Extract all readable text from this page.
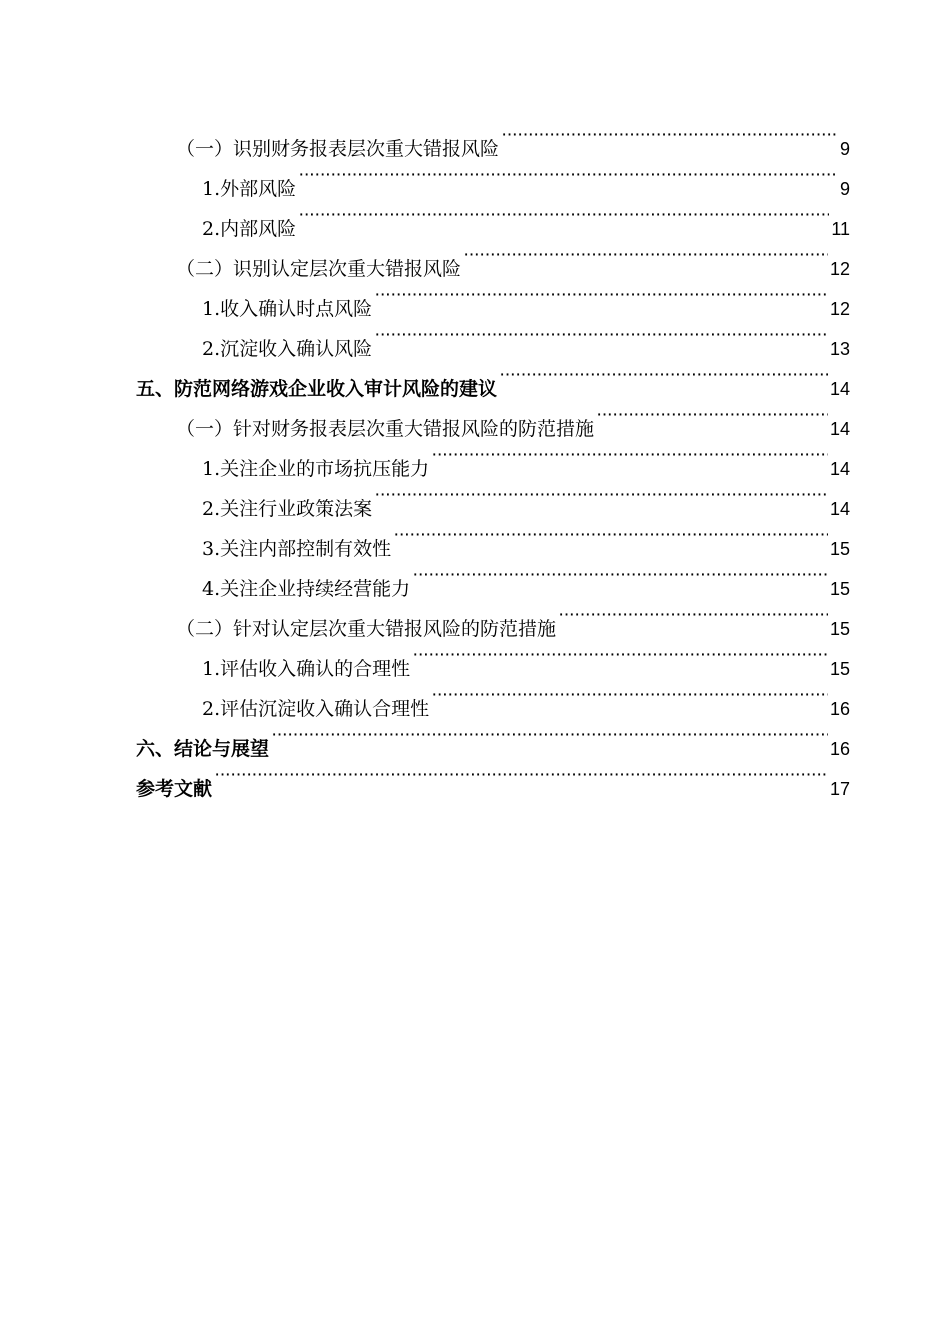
（一）识别财务报表层次重大错报风险 ·····	9
1.外部风险 ·····	9
2.内部风险 ·····	11
（二）识别认定层次重大错报风险 ·····	12
1.收入确认时点风险 ·····	12
2.沉淀收入确认风险 ·····	13
五、防范网络游戏企业收入审计风险的建议 ·····	14
（一）针对财务报表层次重大错报风险的防范措施 ·····	14
1.关注企业的市场抗压能力 ·····	14
2.关注行业政策法案 ·····	14
3.关注内部控制有效性 ·····	15
4.关注企业持续经营能力 ·····	15
（二）针对认定层次重大错报风险的防范措施 ·····	15
1.评估收入确认的合理性 ·····	15
2.评估沉淀收入确认合理性 ·····	16
六、结论与展望 ·····	16
参考文献 ·····	17
